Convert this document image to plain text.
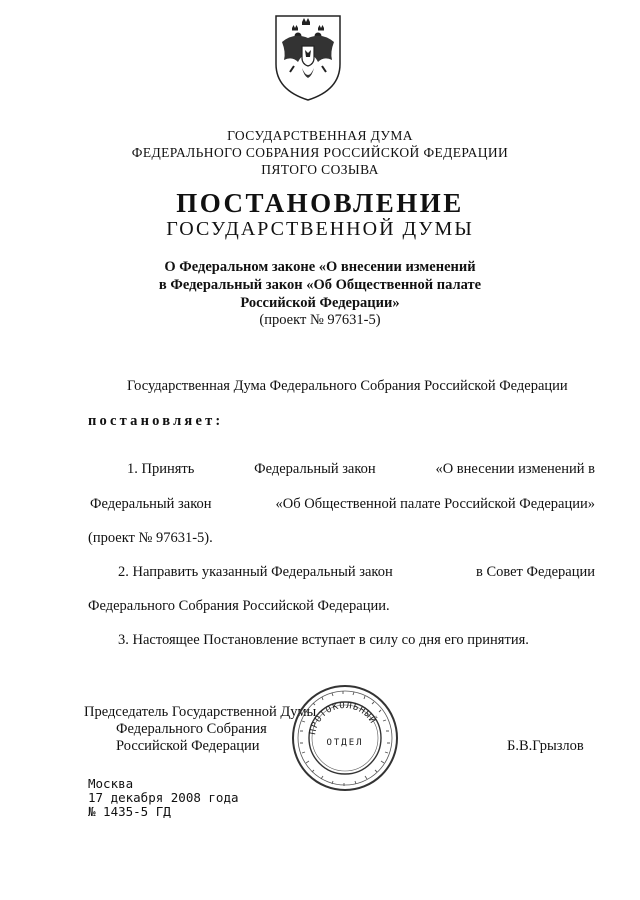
ГОСУДАРСТВЕННАЯ ДУМА
ФЕДЕРАЛЬНОГО СОБРАНИЯ РОССИЙСКОЙ ФЕДЕРАЦИИ
ПЯТОГО СОЗЫВА
ПОСТАНОВЛЕНИЕ
ГОСУДАРСТВЕННОЙ ДУМЫ
О Федеральном законе «О внесении изменений
в Федеральный закон «Об Общественной палате
Российской Федерации»
(проект № 97631-5)
Государственная Дума Федерального Собрания Российской Федерации
постановляет:
1. Принять	Федеральный закон	«О внесении изменений в
Федеральный закон	«Об Общественной палате Российской Федерации»
(проект № 97631-5).
2. Направить указанный Федеральный закон	в Совет Федерации
Федерального Собрания Российской Федерации.
3. Настоящее Постановление вступает в силу со дня его принятия.
Председатель Государственной Думы
Федерального Собрания
Российской Федерации	Б.В.Грызлов
ПРОТОКОЛЬНЫЙ
ОТДЕЛ
Москва
17 декабря 2008 года
№ 1435-5 ГД
